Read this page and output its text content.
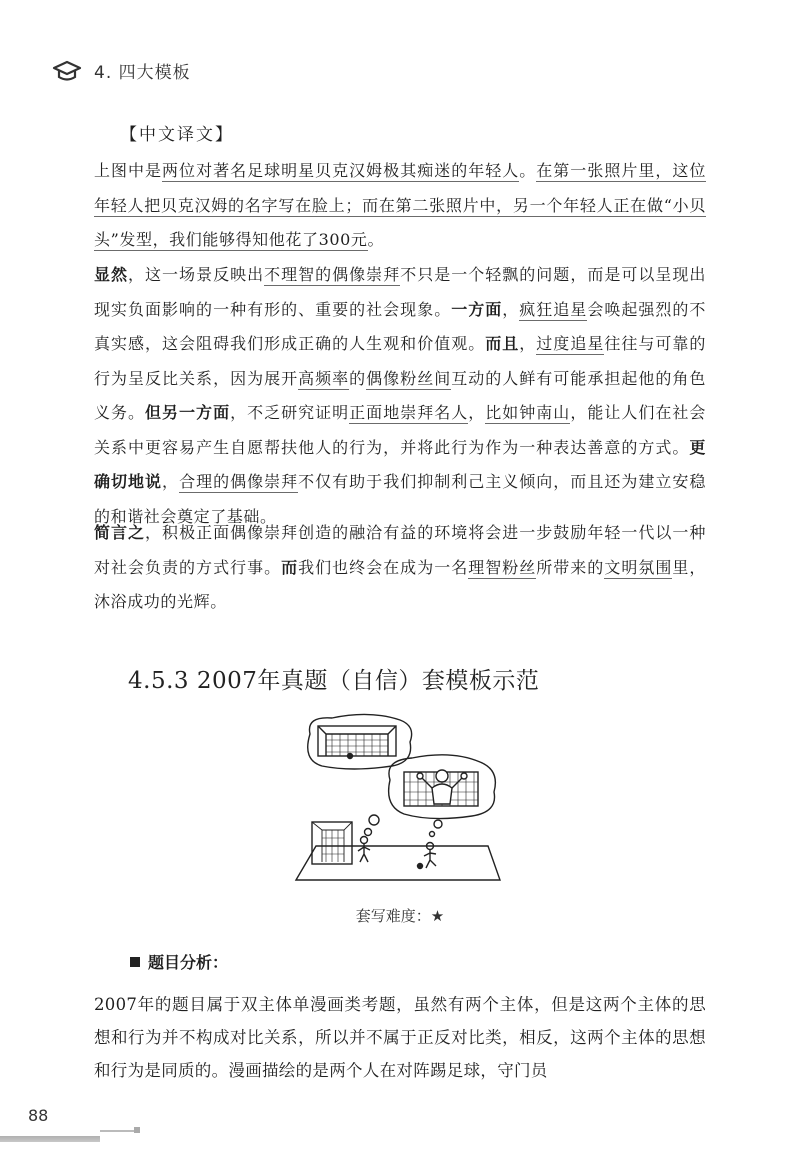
4. 四大模板
【中文译文】

上图中是两位对著名足球明星贝克汉姆极其痴迷的年轻人。在第一张照片里，这位年轻人把贝克汉姆的名字写在脸上；而在第二张照片中，另一个年轻人正在做“小贝头”发型，我们能够得知他花了300元。

显然，这一场景反映出不理智的偶像崇拜不只是一个轻飘的问题，而是可以呈现出现实负面影响的一种有形的、重要的社会现象。一方面，疯狂追星会唤起强烈的不真实感，这会阻碍我们形成正确的人生观和价值观。而且，过度追星往往与可靠的行为呈反比关系，因为展开高频率的偶像粉丝间互动的人鲜有可能承担起他的角色义务。但另一方面，不乏研究证明正面地崇拜名人，比如钟南山，能让人们在社会关系中更容易产生自愿帮扶他人的行为，并将此行为作为一种表达善意的方式。更确切地说，合理的偶像崇拜不仅有助于我们抑制利己主义倾向，而且还为建立安稳的和谐社会奠定了基础。

简言之，积极正面偶像崇拜创造的融洽有益的环境将会进一步鼓励年轻一代以一种对社会负责的方式行事。而我们也终会在成为一名理智粉丝所带来的文明氛围里，沐浴成功的光辉。

4.5.3 2007年真题（自信）套模板示范
套写难度：★
题目分析：

2007年的题目属于双主体单漫画类考题，虽然有两个主体，但是这两个主体的思想和行为并不构成对比关系，所以并不属于正反对比类，相反，这两个主体的思想和行为是同质的。漫画描绘的是两个人在对阵踢足球，守门员

88
